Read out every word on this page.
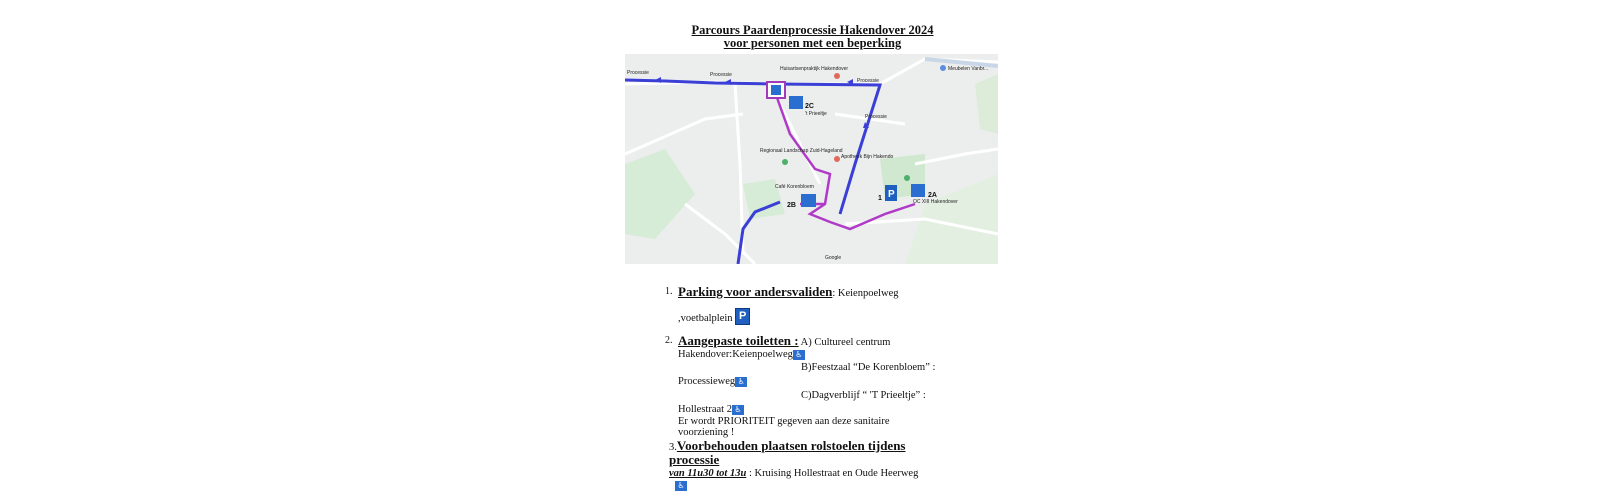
Parcours Paardenprocessie Hakendover 2024
voor personen met een beperking
Processie	Processie
Processie
Processie
Huisartsenpraktijk Hakendover	Meubelen Vanbr...
Regionaal Landschap Zuid-Hageland
Apotheek Bijn Hakendo
Café Korenbloem
Google
2C
't Prieeltje
2B
P
1	2A
OC XIII Hakendover
1. Parking voor andersvaliden: Keienpoelweg
,voetbalplein P
2. Aangepaste toiletten : A) Cultureel centrum
Hakendover:Keienpoelweg ♿
B)Feestzaal “De Korenbloem” :
Processieweg ♿
C)Dagverblijf “ 'T Prieeltje” :
Hollestraat 2 ♿
Er wordt PRIORITEIT gegeven aan deze sanitaire
voorziening !
3.Voorbehouden plaatsen rolstoelen tijdens
processie
van 11u30 tot 13u : Kruising Hollestraat en Oude Heerweg
♿
